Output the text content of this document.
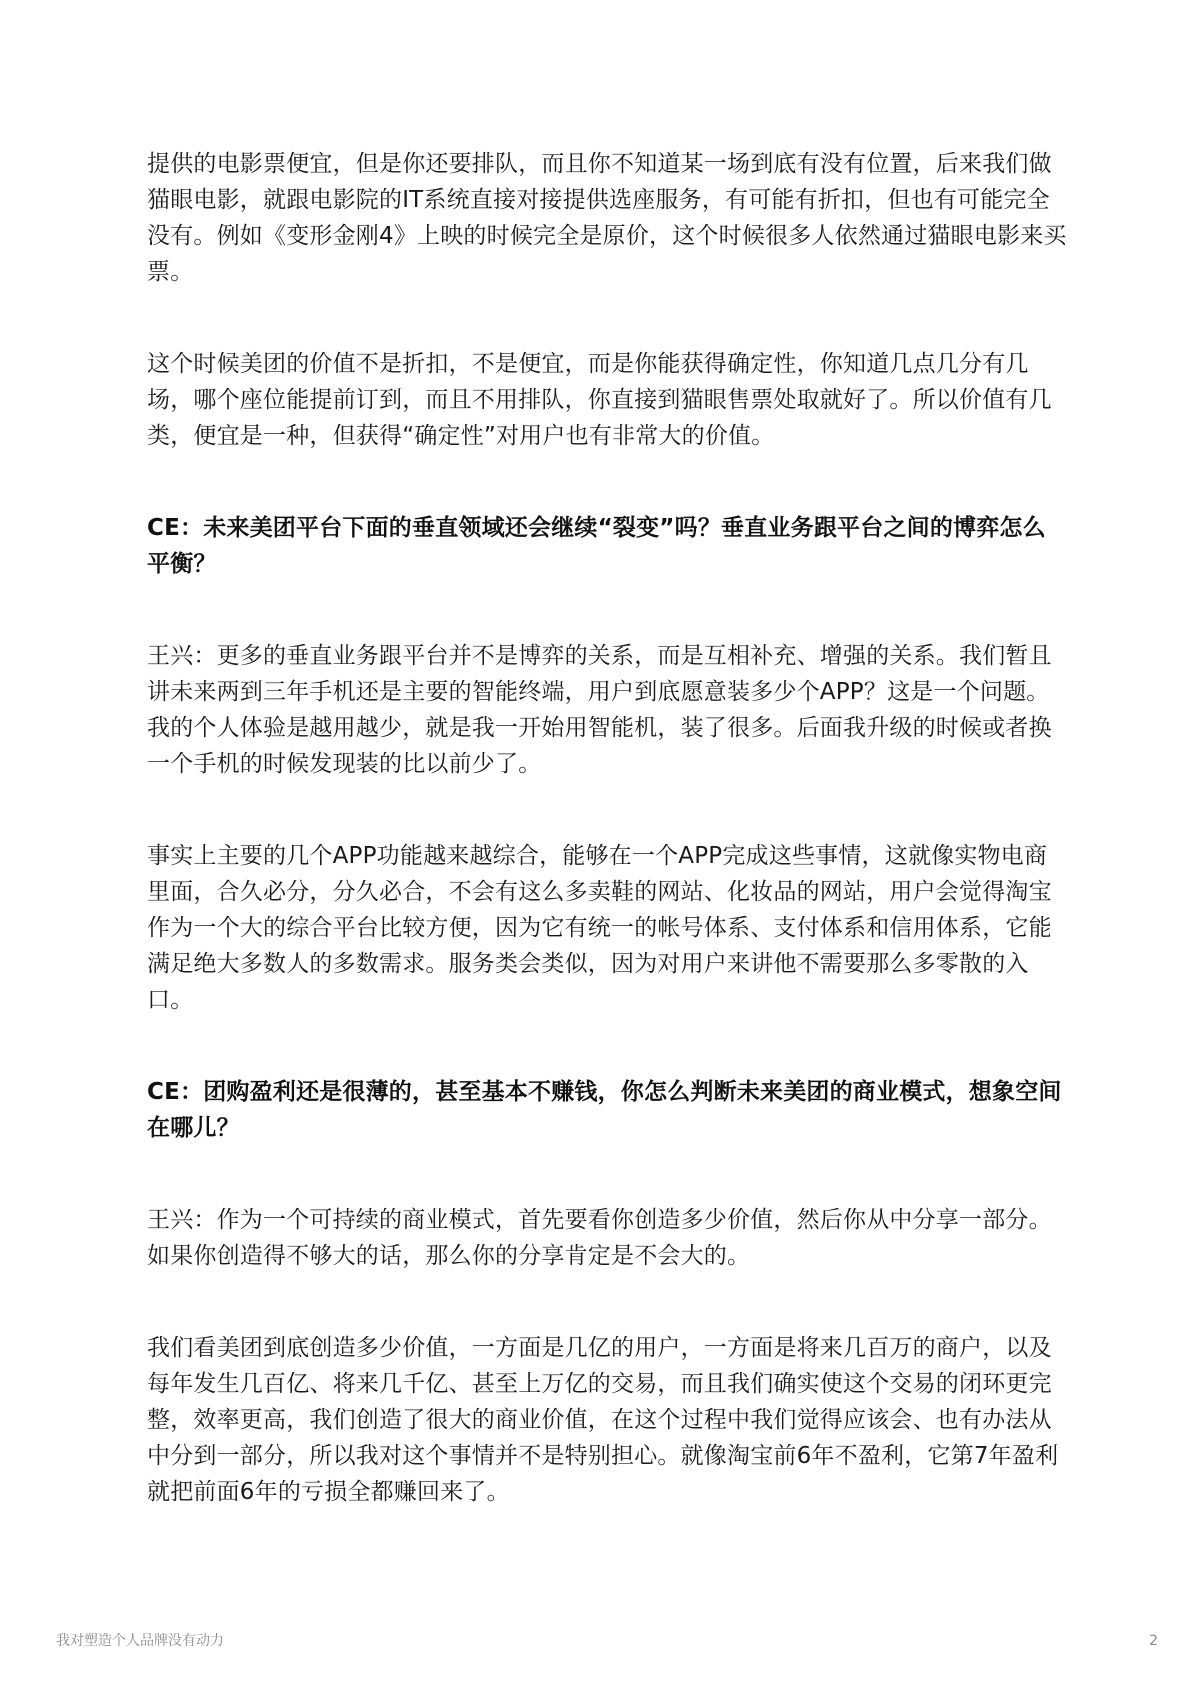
提供的电影票便宜，但是你还要排队，而且你不知道某一场到底有没有位置，后来我们做猫眼电影，就跟电影院的IT系统直接对接提供选座服务，有可能有折扣，但也有可能完全没有。例如《变形金刚4》上映的时候完全是原价，这个时候很多人依然通过猫眼电影来买票。

这个时候美团的价值不是折扣，不是便宜，而是你能获得确定性，你知道几点几分有几场，哪个座位能提前订到，而且不用排队，你直接到猫眼售票处取就好了。所以价值有几类，便宜是一种，但获得“确定性”对用户也有非常大的价值。

CE：未来美团平台下面的垂直领域还会继续“裂变”吗？垂直业务跟平台之间的博弈怎么平衡？

王兴：更多的垂直业务跟平台并不是博弈的关系，而是互相补充、增强的关系。我们暂且讲未来两到三年手机还是主要的智能终端，用户到底愿意装多少个APP？这是一个问题。我的个人体验是越用越少，就是我一开始用智能机，装了很多。后面我升级的时候或者换一个手机的时候发现装的比以前少了。

事实上主要的几个APP功能越来越综合，能够在一个APP完成这些事情，这就像实物电商里面，合久必分，分久必合，不会有这么多卖鞋的网站、化妆品的网站，用户会觉得淘宝作为一个大的综合平台比较方便，因为它有统一的帐号体系、支付体系和信用体系，它能满足绝大多数人的多数需求。服务类会类似，因为对用户来讲他不需要那么多零散的入口。

CE：团购盈利还是很薄的，甚至基本不赚钱，你怎么判断未来美团的商业模式，想象空间在哪儿？

王兴：作为一个可持续的商业模式，首先要看你创造多少价值，然后你从中分享一部分。如果你创造得不够大的话，那么你的分享肯定是不会大的。

我们看美团到底创造多少价值，一方面是几亿的用户，一方面是将来几百万的商户，以及每年发生几百亿、将来几千亿、甚至上万亿的交易，而且我们确实使这个交易的闭环更完整，效率更高，我们创造了很大的商业价值，在这个过程中我们觉得应该会、也有办法从中分到一部分，所以我对这个事情并不是特别担心。就像淘宝前6年不盈利，它第7年盈利就把前面6年的亏损全都赚回来了。

我对塑造个人品牌没有动力	2
